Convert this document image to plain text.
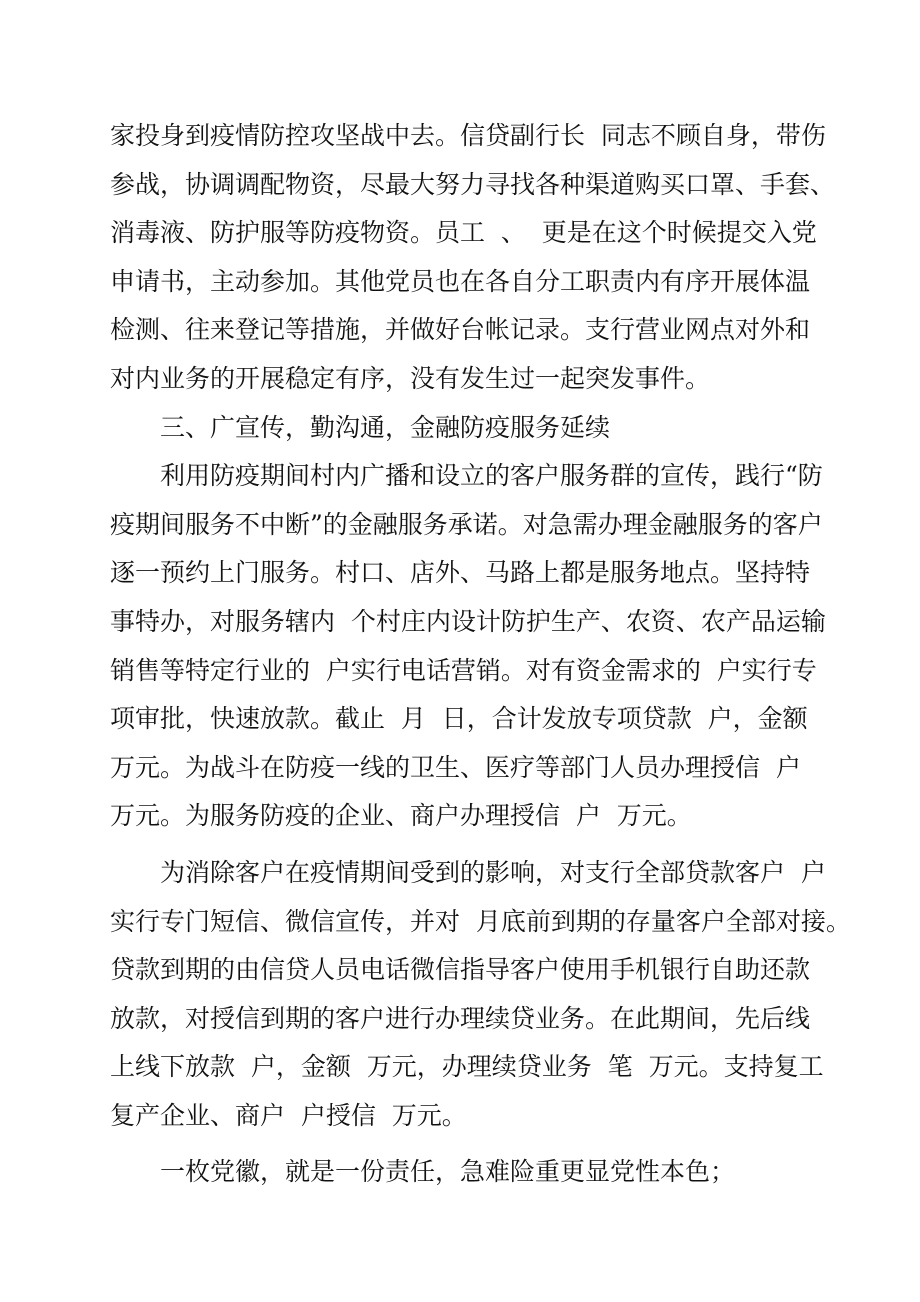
家投身到疫情防控攻坚战中去。信贷副行长  同志不顾自身，带伤
参战，协调调配物资，尽最大努力寻找各种渠道购买口罩、手套、
消毒液、防护服等防疫物资。员工  、  更是在这个时候提交入党
申请书，主动参加。其他党员也在各自分工职责内有序开展体温
检测、往来登记等措施，并做好台帐记录。支行营业网点对外和
对内业务的开展稳定有序，没有发生过一起突发事件。
三、广宣传，勤沟通，金融防疫服务延续
利用防疫期间村内广播和设立的客户服务群的宣传，践行“防
疫期间服务不中断”的金融服务承诺。对急需办理金融服务的客户
逐一预约上门服务。村口、店外、马路上都是服务地点。坚持特
事特办，对服务辖内  个村庄内设计防护生产、农资、农产品运输
销售等特定行业的  户实行电话营销。对有资金需求的  户实行专
项审批，快速放款。截止  月  日，合计发放专项贷款  户，金额
万元。为战斗在防疫一线的卫生、医疗等部门人员办理授信  户
万元。为服务防疫的企业、商户办理授信  户  万元。
为消除客户在疫情期间受到的影响，对支行全部贷款客户  户
实行专门短信、微信宣传，并对  月底前到期的存量客户全部对接。
贷款到期的由信贷人员电话微信指导客户使用手机银行自助还款
放款，对授信到期的客户进行办理续贷业务。在此期间，先后线
上线下放款  户，金额  万元，办理续贷业务  笔  万元。支持复工
复产企业、商户  户授信  万元。
一枚党徽，就是一份责任，急难险重更显党性本色；
